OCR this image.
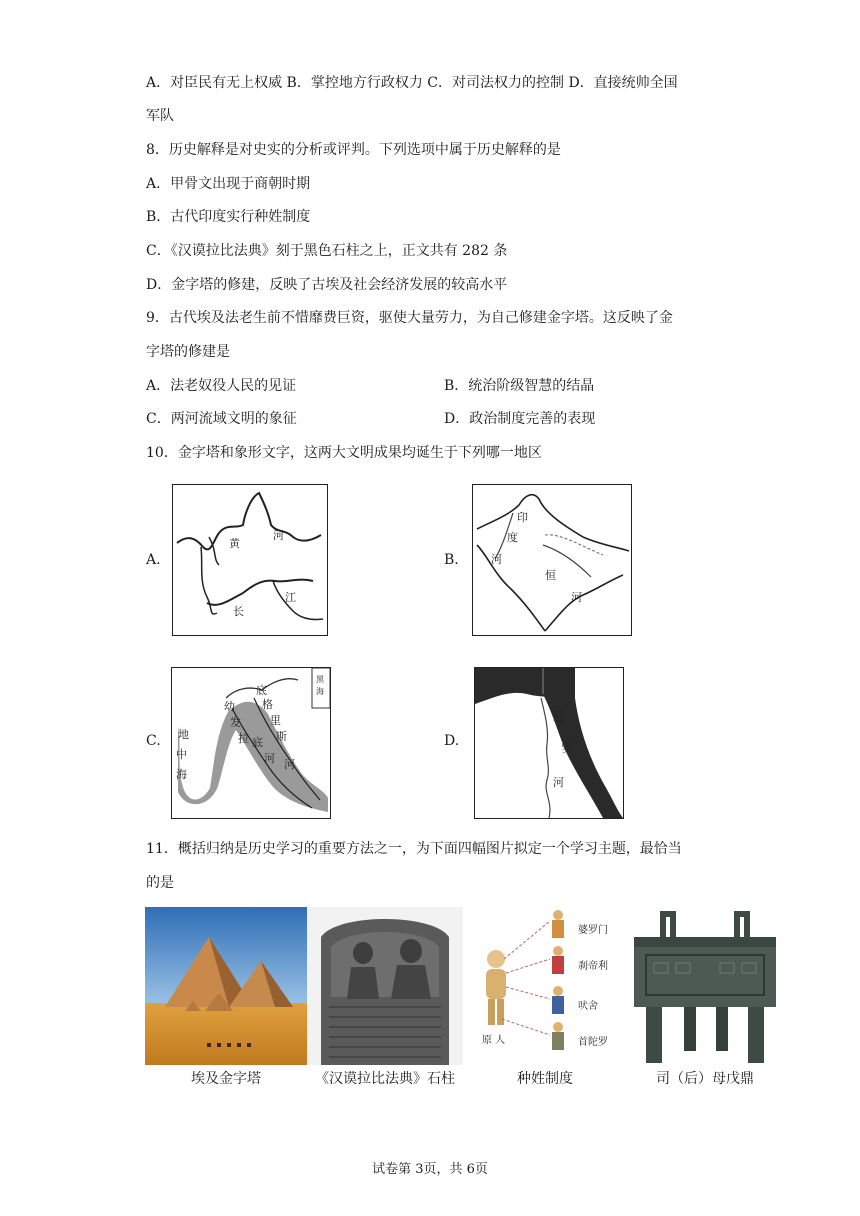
A．对臣民有无上权威 B．掌控地方行政权力 C．对司法权力的控制 D．直接统帅全国
军队
8．历史解释是对史实的分析或评判。下列选项中属于历史解释的是
A．甲骨文出现于商朝时期
B．古代印度实行种姓制度
C．《汉谟拉比法典》刻于黑色石柱之上，正文共有 282 条
D．金字塔的修建，反映了古埃及社会经济发展的较高水平
9．古代埃及法老生前不惜靡费巨资，驱使大量劳力，为自己修建金字塔。这反映了金
字塔的修建是
A．法老奴役人民的见证	B．统治阶级智慧的结晶
C．两河流域文明的象征	D．政治制度完善的表现
10．金字塔和象形文字，这两大文明成果均诞生于下列哪一地区
A.
黄
河
长
江
B.
印
度
河
恒
河
C.
底
格
里
斯
河
幼
发
拉 底
河
地
中
海
黑
海
D.
尼
罗
河
11．概括归纳是历史学习的重要方法之一，为下面四幅图片拟定一个学习主题，最恰当
的是
埃及金字塔	《汉谟拉比法典》石柱
婆罗门
刹帝利
吠舍
首陀罗
原 人
种姓制度	司（后）母戊鼎
试卷第 3页，共 6页
